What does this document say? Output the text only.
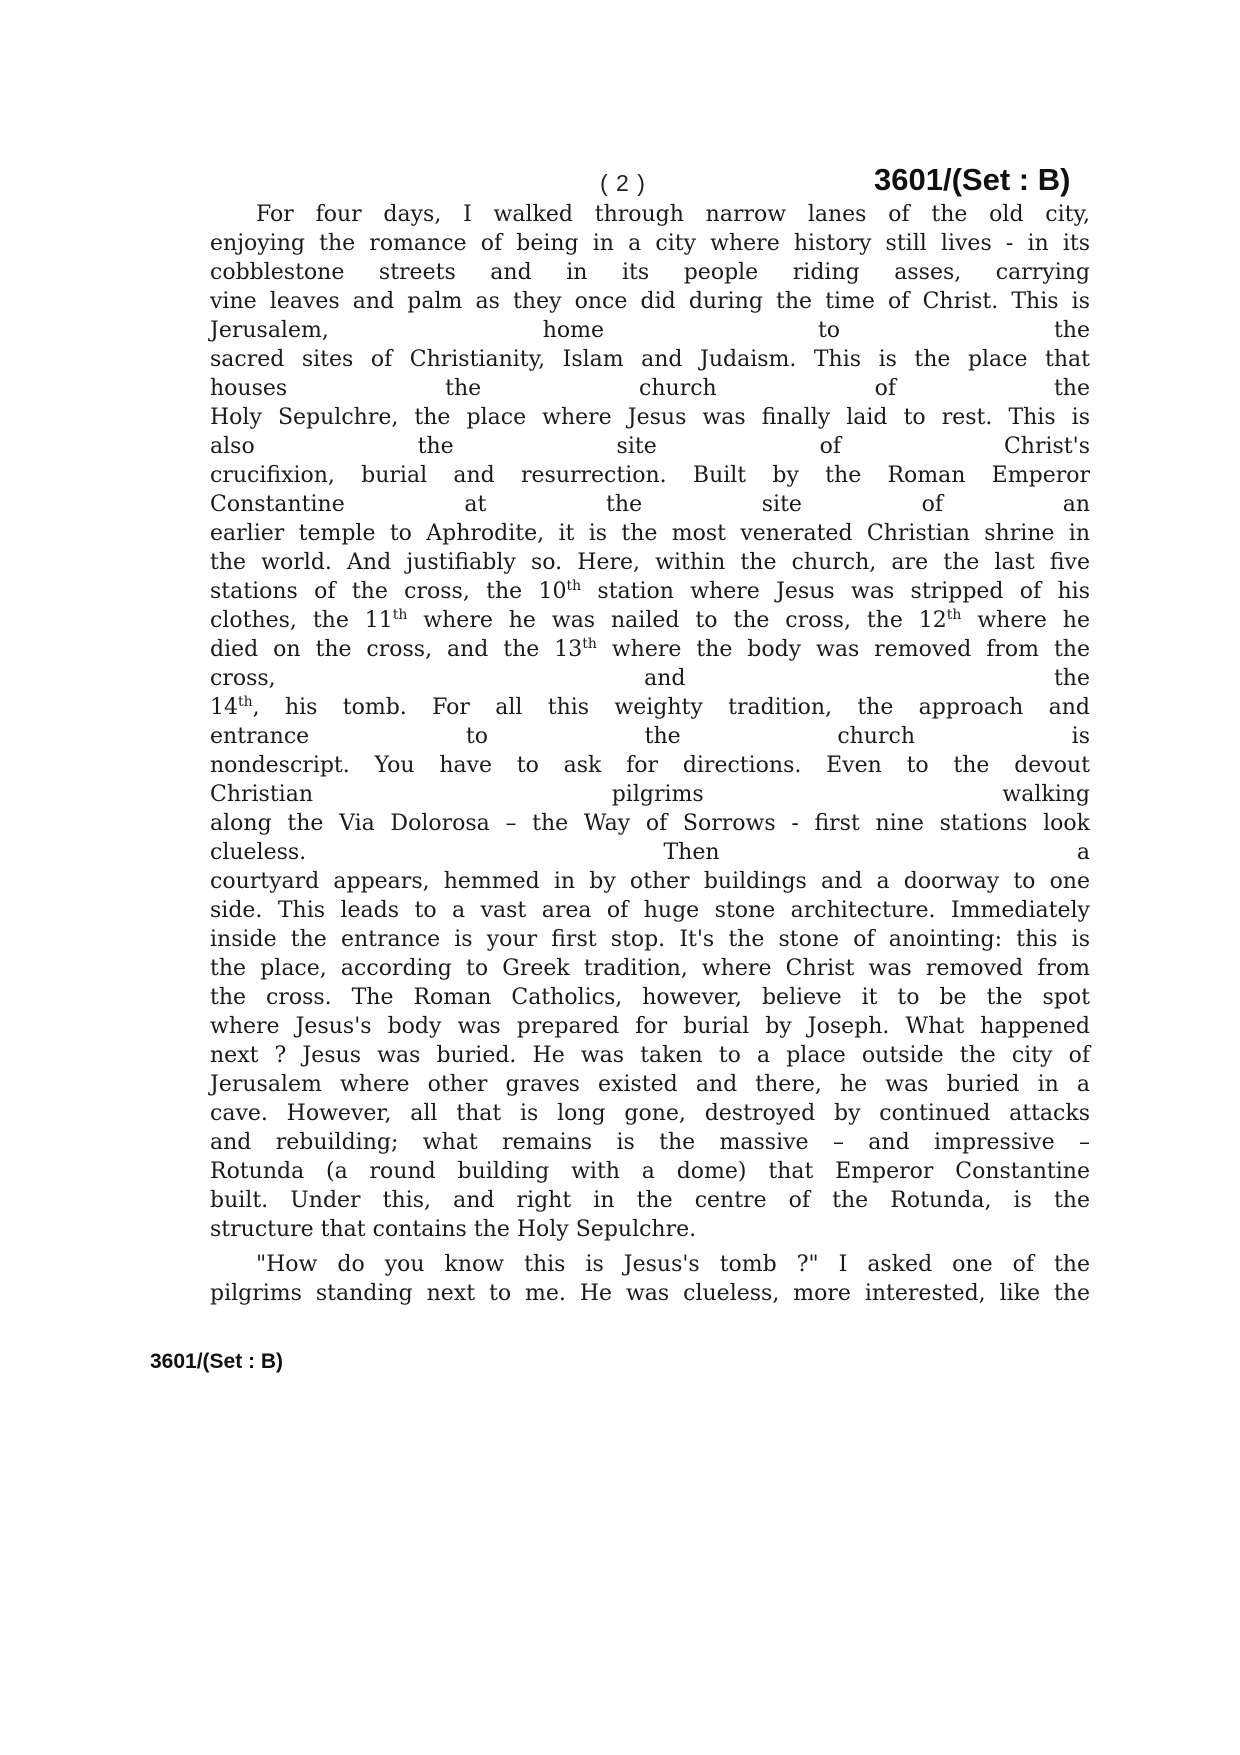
( 2 )	3601/(Set : B)
For four days, I walked through narrow lanes of the old city,
enjoying the romance of being in a city where history still lives - in its
cobblestone streets and in its people riding asses, carrying
vine leaves and palm as they once did during the time of Christ. This is
Jerusalem, home to the
sacred sites of Christianity, Islam and Judaism. This is the place that
houses the church of the
Holy Sepulchre, the place where Jesus was finally laid to rest. This is
also the site of Christ's
crucifixion, burial and resurrection. Built by the Roman Emperor
Constantine at the site of an
earlier temple to Aphrodite, it is the most venerated Christian shrine in
the world. And justifiably so. Here, within the church, are the last five
stations of the cross, the 10th station where Jesus was stripped of his
clothes, the 11th where he was nailed to the cross, the 12th where he
died on the cross, and the 13th where the body was removed from the
cross, and the
14th, his tomb. For all this weighty tradition, the approach and
entrance to the church is
nondescript. You have to ask for directions. Even to the devout
Christian pilgrims walking
along the Via Dolorosa – the Way of Sorrows - first nine stations look
clueless. Then a
courtyard appears, hemmed in by other buildings and a doorway to one
side. This leads to a vast area of huge stone architecture. Immediately
inside the entrance is your first stop. It's the stone of anointing: this is
the place, according to Greek tradition, where Christ was removed from
the cross. The Roman Catholics, however, believe it to be the spot
where Jesus's body was prepared for burial by Joseph. What happened
next ? Jesus was buried. He was taken to a place outside the city of
Jerusalem where other graves existed and there, he was buried in a
cave. However, all that is long gone, destroyed by continued attacks
and rebuilding; what remains is the massive – and impressive –
Rotunda (a round building with a dome) that Emperor Constantine
built. Under this, and right in the centre of the Rotunda, is the
structure that contains the Holy Sepulchre.
"How do you know this is Jesus's tomb ?" I asked one of the
pilgrims standing next to me. He was clueless, more interested, like the
3601/(Set : B)
